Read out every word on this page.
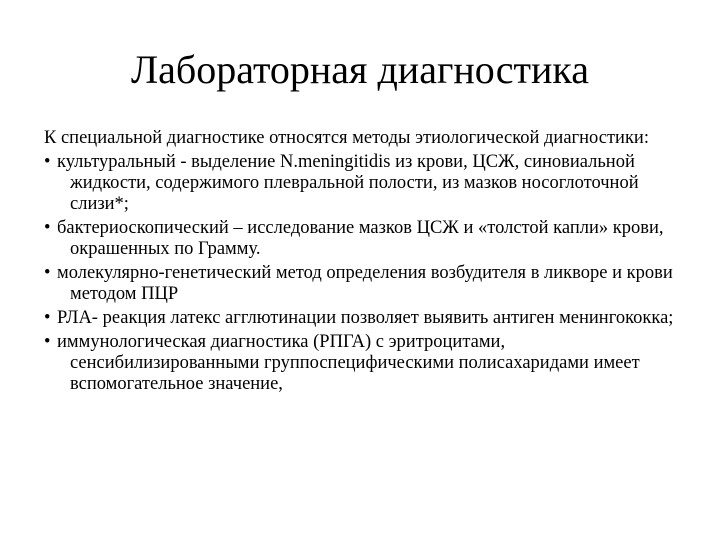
Лабораторная диагностика
К специальной диагностике относятся методы этиологической диагностики:
• культуральный - выделение N.meningitidis из крови, ЦСЖ, синовиальной жидкости, содержимого плевральной полости, из мазков носоглоточной слизи*;
• бактериоскопический – исследование мазков ЦСЖ и «толстой капли» крови, окрашенных по Грамму.
• молекулярно-генетический метод определения возбудителя в ликворе и крови методом ПЦР
• РЛА- реакция латекс агглютинации позволяет выявить антиген менингококка;
• иммунологическая диагностика (РПГА) с эритроцитами, сенсибилизированными группоспецифическими полисахаридами имеет вспомогательное значение,
